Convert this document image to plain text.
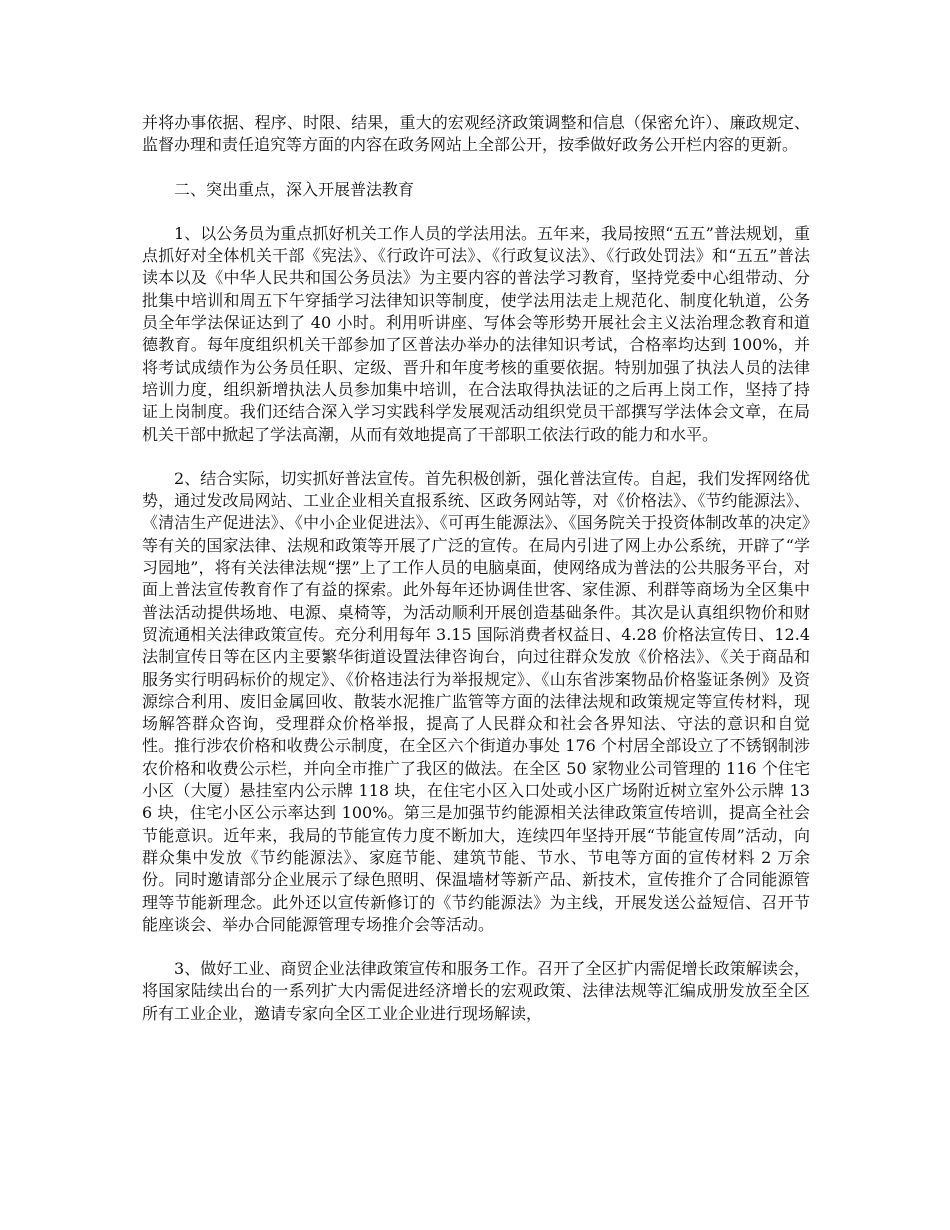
并将办事依据、程序、时限、结果，重大的宏观经济政策调整和信息（保密允许）、廉政规定、监督办理和责任追究等方面的内容在政务网站上全部公开，按季做好政务公开栏内容的更新。

二、突出重点，深入开展普法教育

1、以公务员为重点抓好机关工作人员的学法用法。五年来，我局按照“五五”普法规划，重点抓好对全体机关干部《宪法》、《行政许可法》、《行政复议法》、《行政处罚法》和“五五”普法读本以及《中华人民共和国公务员法》为主要内容的普法学习教育，坚持党委中心组带动、分批集中培训和周五下午穿插学习法律知识等制度，使学法用法走上规范化、制度化轨道，公务员全年学法保证达到了 40 小时。利用听讲座、写体会等形势开展社会主义法治理念教育和道德教育。每年度组织机关干部参加了区普法办举办的法律知识考试，合格率均达到 100%，并将考试成绩作为公务员任职、定级、晋升和年度考核的重要依据。特别加强了执法人员的法律培训力度，组织新增执法人员参加集中培训，在合法取得执法证的之后再上岗工作，坚持了持证上岗制度。我们还结合深入学习实践科学发展观活动组织党员干部撰写学法体会文章，在局机关干部中掀起了学法高潮，从而有效地提高了干部职工依法行政的能力和水平。

2、结合实际，切实抓好普法宣传。首先积极创新，强化普法宣传。自起，我们发挥网络优势，通过发改局网站、工业企业相关直报系统、区政务网站等，对《价格法》、《节约能源法》、《清洁生产促进法》、《中小企业促进法》、《可再生能源法》、《国务院关于投资体制改革的决定》等有关的国家法律、法规和政策等开展了广泛的宣传。在局内引进了网上办公系统，开辟了“学习园地”，将有关法律法规“摆”上了工作人员的电脑桌面，使网络成为普法的公共服务平台，对面上普法宣传教育作了有益的探索。此外每年还协调佳世客、家佳源、利群等商场为全区集中普法活动提供场地、电源、桌椅等，为活动顺利开展创造基础条件。其次是认真组织物价和财贸流通相关法律政策宣传。充分利用每年 3.15 国际消费者权益日、4.28 价格法宣传日、12.4 法制宣传日等在区内主要繁华街道设置法律咨询台，向过往群众发放《价格法》、《关于商品和服务实行明码标价的规定》、《价格违法行为举报规定》、《山东省涉案物品价格鉴证条例》及资源综合利用、废旧金属回收、散装水泥推广监管等方面的法律法规和政策规定等宣传材料，现场解答群众咨询，受理群众价格举报，提高了人民群众和社会各界知法、守法的意识和自觉性。推行涉农价格和收费公示制度，在全区六个街道办事处 176 个村居全部设立了不锈钢制涉农价格和收费公示栏，并向全市推广了我区的做法。在全区 50 家物业公司管理的 116 个住宅小区（大厦）悬挂室内公示牌 118 块，在住宅小区入口处或小区广场附近树立室外公示牌 136 块，住宅小区公示率达到 100%。第三是加强节约能源相关法律政策宣传培训，提高全社会节能意识。近年来，我局的节能宣传力度不断加大，连续四年坚持开展“节能宣传周”活动，向群众集中发放《节约能源法》、家庭节能、建筑节能、节水、节电等方面的宣传材料 2 万余份。同时邀请部分企业展示了绿色照明、保温墙材等新产品、新技术，宣传推介了合同能源管理等节能新理念。此外还以宣传新修订的《节约能源法》为主线，开展发送公益短信、召开节能座谈会、举办合同能源管理专场推介会等活动。

3、做好工业、商贸企业法律政策宣传和服务工作。召开了全区扩内需促增长政策解读会，将国家陆续出台的一系列扩大内需促进经济增长的宏观政策、法律法规等汇编成册发放至全区所有工业企业，邀请专家向全区工业企业进行现场解读，
